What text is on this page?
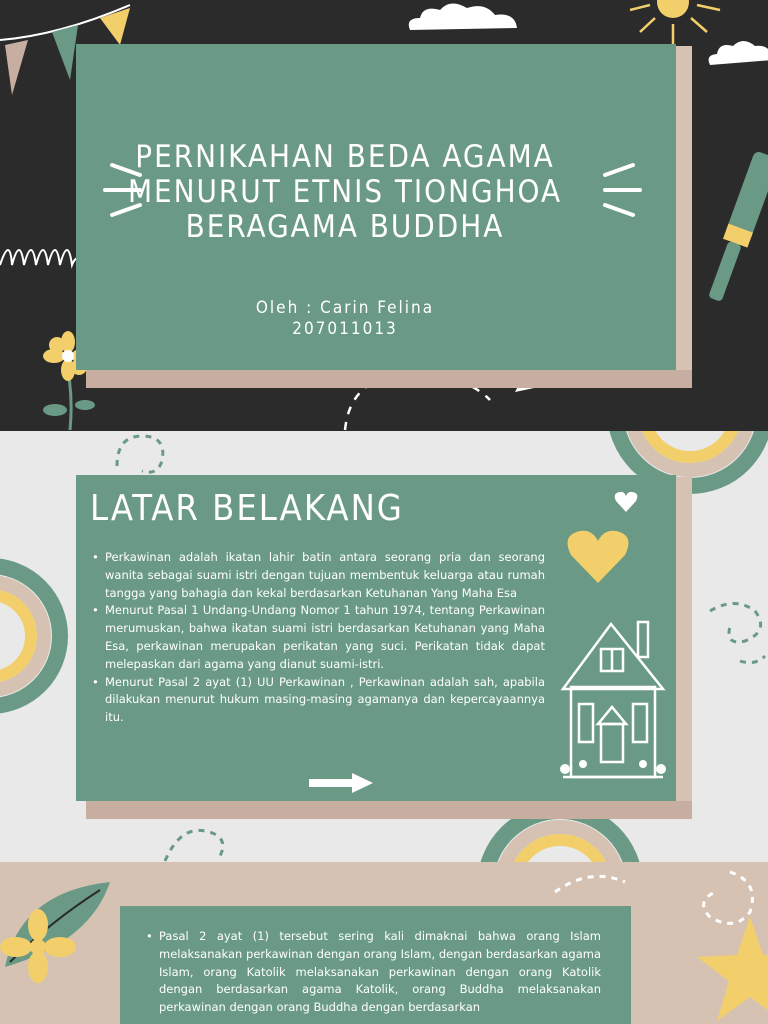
PERNIKAHAN BEDA AGAMA
MENURUT ETNIS TIONGHOA
BERAGAMA BUDDHA
Oleh : Carin Felina
207011013
LATAR BELAKANG
• Perkawinan adalah ikatan lahir batin antara seorang pria dan seorang wanita sebagai suami istri dengan tujuan membentuk keluarga atau rumah tangga yang bahagia dan kekal berdasarkan Ketuhanan Yang Maha Esa
• Menurut Pasal 1 Undang-Undang Nomor 1 tahun 1974, tentang Perkawinan merumuskan, bahwa ikatan suami istri berdasarkan Ketuhanan yang Maha Esa, perkawinan merupakan perikatan yang suci. Perikatan tidak dapat melepaskan dari agama yang dianut suami-istri.
• Menurut Pasal 2 ayat (1) UU Perkawinan , Perkawinan adalah sah, apabila dilakukan menurut hukum masing-masing agamanya dan kepercayaannya itu.
• Pasal 2 ayat (1) tersebut sering kali dimaknai bahwa orang Islam melaksanakan perkawinan dengan orang Islam, dengan berdasarkan agama Islam, orang Katolik melaksanakan perkawinan dengan orang Katolik dengan berdasarkan agama Katolik, orang Buddha melaksanakan perkawinan dengan orang Buddha dengan berdasarkan
